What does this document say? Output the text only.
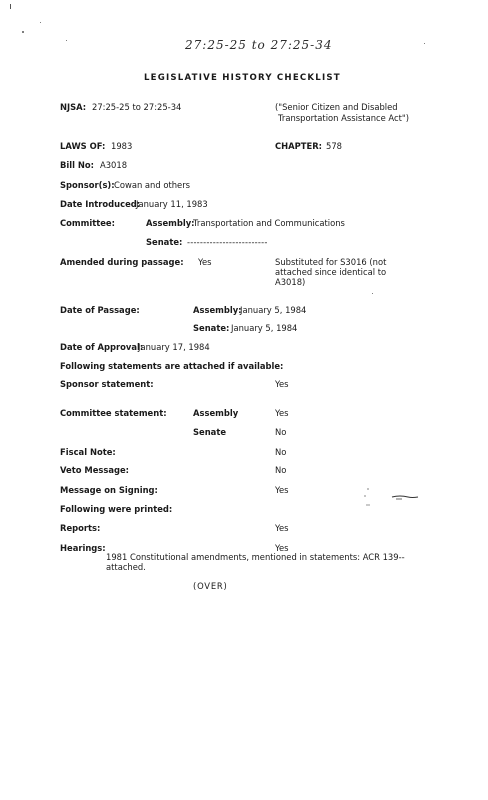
27:25-25 to 27:25-34
LEGISLATIVE HISTORY CHECKLIST
NJSA: 27:25-25 to 27:25-34	("Senior Citizen and Disabled
Transportation Assistance Act")
LAWS OF: 1983	CHAPTER: 578
Bill No: A3018
Sponsor(s): Cowan and others
Date Introduced:
January 11, 1983
Committee:	Assembly:
Transportation and Communications
Senate: -------------------------
Amended during passage: Yes	Substituted for S3016 (not
attached since identical to
A3018)
Date of Passage:	Assembly:
January 5, 1984
Senate: January 5, 1984
Date of Approval:
January 17, 1984
Following statements are attached if available:
Sponsor statement:	Yes
Committee statement:	Assembly	Yes
Senate	No
Fiscal Note:	No
Veto Message:	No
Message on Signing:	Yes
Following were printed:
Reports:	Yes
Hearings:	Yes
1981 Constitutional amendments, mentioned in statements: ACR 139--
attached.
(OVER)
